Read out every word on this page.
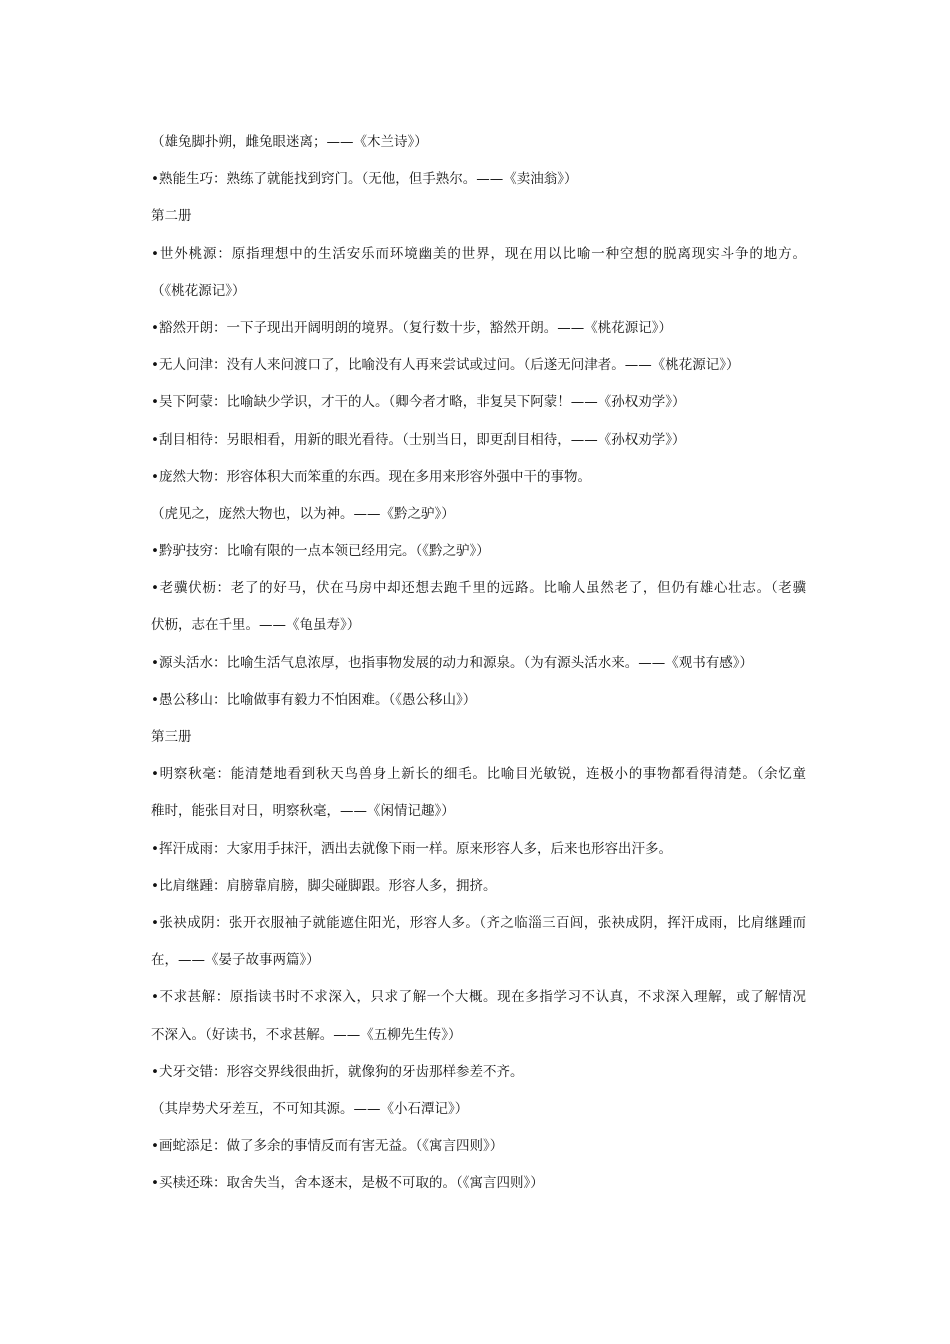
（雄兔脚扑朔，雌兔眼迷离；——《木兰诗》）
•熟能生巧：熟练了就能找到窍门。（无他，但手熟尔。——《卖油翁》）
第二册
•世外桃源：原指理想中的生活安乐而环境幽美的世界，现在用以比喻一种空想的脱离现实斗争的地方。
（《桃花源记》）
•豁然开朗：一下子现出开阔明朗的境界。（复行数十步，豁然开朗。——《桃花源记》）
•无人问津：没有人来问渡口了，比喻没有人再来尝试或过问。（后遂无问津者。——《桃花源记》）
•吴下阿蒙：比喻缺少学识，才干的人。（卿今者才略，非复吴下阿蒙！——《孙权劝学》）
•刮目相待：另眼相看，用新的眼光看待。（士别当日，即更刮目相待，——《孙权劝学》）
•庞然大物：形容体积大而笨重的东西。现在多用来形容外强中干的事物。
（虎见之，庞然大物也，以为神。——《黔之驴》）
•黔驴技穷：比喻有限的一点本领已经用完。（《黔之驴》）
•老骥伏枥：老了的好马，伏在马房中却还想去跑千里的远路。比喻人虽然老了，但仍有雄心壮志。（老骥
伏枥，志在千里。——《龟虽寿》）
•源头活水：比喻生活气息浓厚，也指事物发展的动力和源泉。（为有源头活水来。——《观书有感》）
•愚公移山：比喻做事有毅力不怕困难。（《愚公移山》）
第三册
•明察秋毫：能清楚地看到秋天鸟兽身上新长的细毛。比喻目光敏锐，连极小的事物都看得清楚。（余忆童
稚时，能张目对日，明察秋毫，——《闲情记趣》）
•挥汗成雨：大家用手抹汗，洒出去就像下雨一样。原来形容人多，后来也形容出汗多。
•比肩继踵：肩膀靠肩膀，脚尖碰脚跟。形容人多，拥挤。
•张袂成阴：张开衣服袖子就能遮住阳光，形容人多。（齐之临淄三百闾，张袂成阴，挥汗成雨，比肩继踵而
在，——《晏子故事两篇》）
•不求甚解：原指读书时不求深入，只求了解一个大概。现在多指学习不认真，不求深入理解，或了解情况
不深入。（好读书，不求甚解。——《五柳先生传》）
•犬牙交错：形容交界线很曲折，就像狗的牙齿那样参差不齐。
（其岸势犬牙差互，不可知其源。——《小石潭记》）
•画蛇添足：做了多余的事情反而有害无益。（《寓言四则》）
•买椟还珠：取舍失当，舍本逐末，是极不可取的。（《寓言四则》）
